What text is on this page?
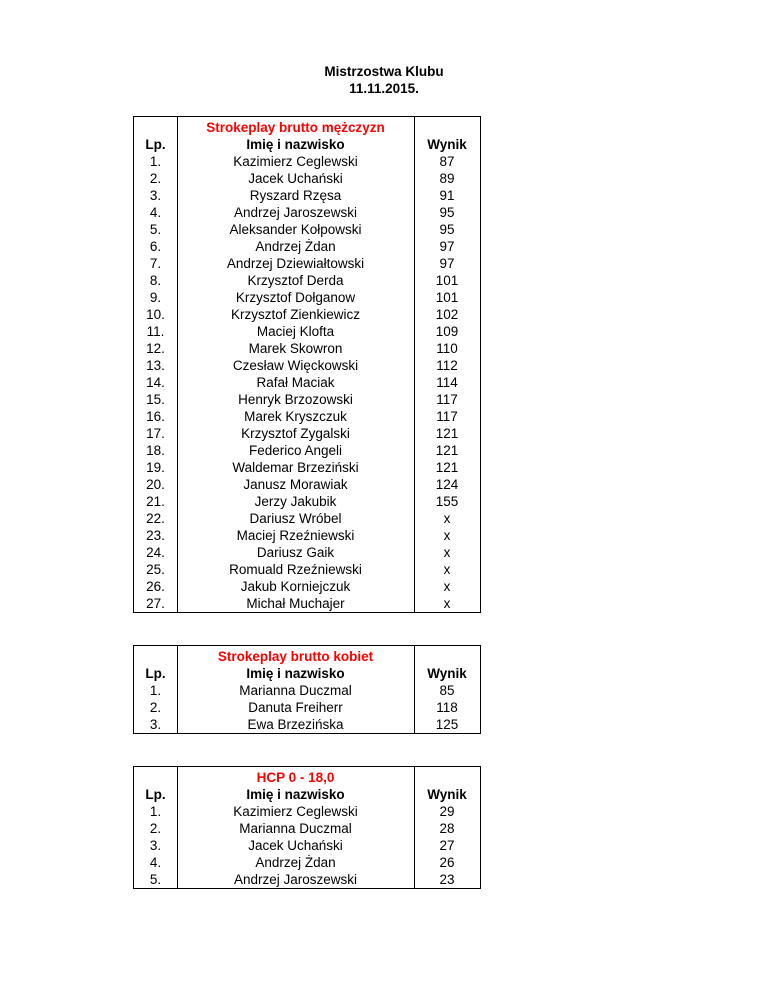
Mistrzostwa Klubu
11.11.2015.
Lp.
1.
2.
3.
4.
5.
6.
7.
8.
9.
10.
11.
12.
13.
14.
15.
16.
17.
18.
19.
20.
21.
22.
23.
24.
25.
26.
27.
Strokeplay brutto mężczyzn
Imię i nazwisko
Kazimierz Ceglewski
Jacek Uchański
Ryszard Rzęsa
Andrzej Jaroszewski
Aleksander Kołpowski
Andrzej Żdan
Andrzej Dziewiałtowski
Krzysztof Derda
Krzysztof Dołganow
Krzysztof Zienkiewicz
Maciej Klofta
Marek Skowron
Czesław Więckowski
Rafał Maciak
Henryk Brzozowski
Marek Kryszczuk
Krzysztof Zygalski
Federico Angeli
Waldemar Brzeziński
Janusz Morawiak
Jerzy Jakubik
Dariusz Wróbel
Maciej Rzeźniewski
Dariusz Gaik
Romuald Rzeźniewski
Jakub Korniejczuk
Michał Muchajer
Wynik
87
89
91
95
95
97
97
101
101
102
109
110
112
114
117
117
121
121
121
124
155
x
x
x
x
x
x
Lp.
1.
2.
3.
Strokeplay brutto kobiet
Imię i nazwisko
Marianna Duczmal
Danuta Freiherr
Ewa Brzezińska
Wynik
85
118
125
Lp.
1.
2.
3.
4.
5.
HCP 0 - 18,0
Imię i nazwisko
Kazimierz Ceglewski
Marianna Duczmal
Jacek Uchański
Andrzej Żdan
Andrzej Jaroszewski
Wynik
29
28
27
26
23
